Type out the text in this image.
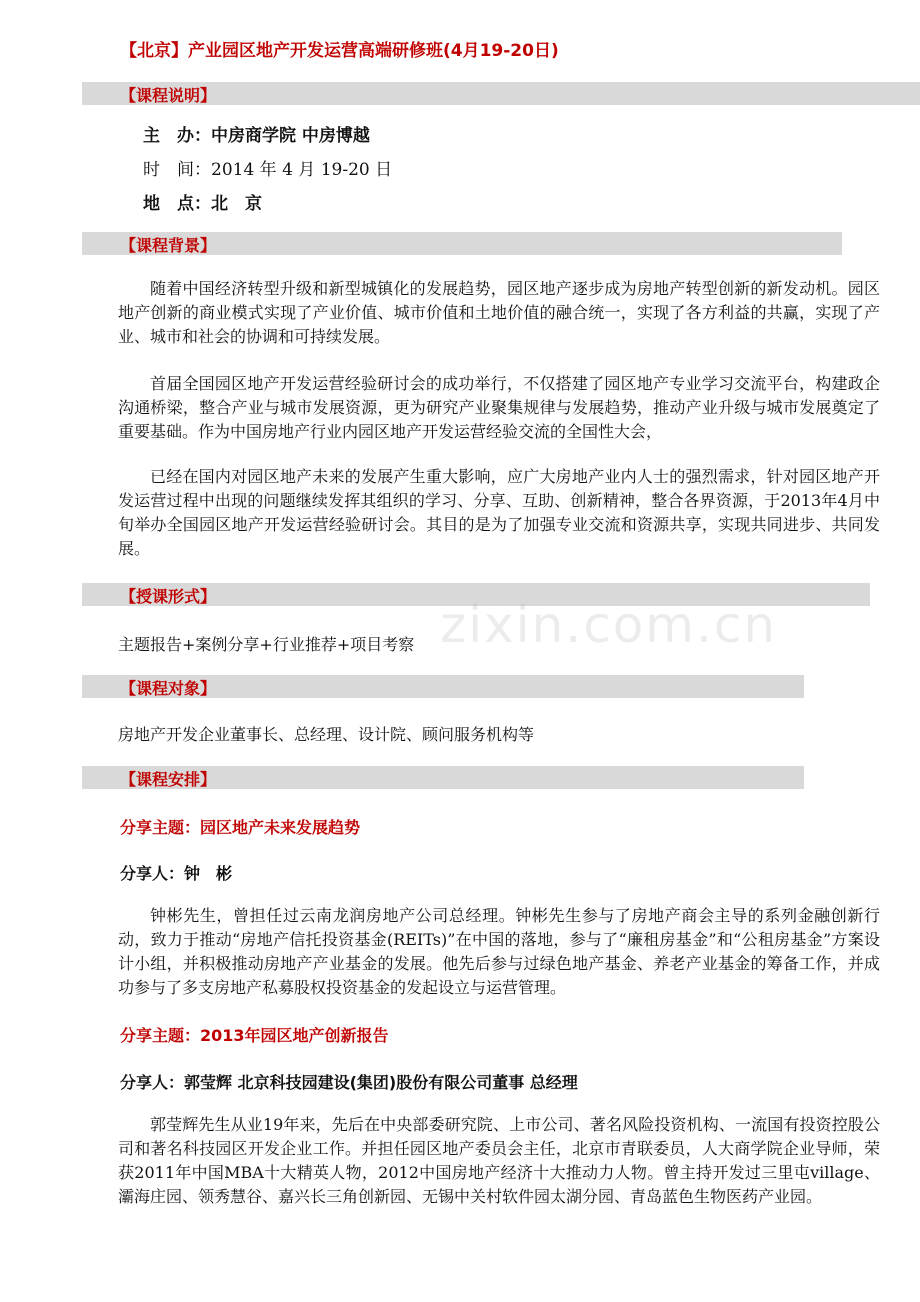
【北京】产业园区地产开发运营高端研修班(4月19-20日)
【课程说明】
主　办：中房商学院 中房博越
时　间：2014 年 4 月 19-20 日
地　点：北　京
【课程背景】

随着中国经济转型升级和新型城镇化的发展趋势，园区地产逐步成为房地产转型创新的新发动机。园区地产创新的商业模式实现了产业价值、城市价值和土地价值的融合统一，实现了各方利益的共赢，实现了产业、城市和社会的协调和可持续发展。

首届全国园区地产开发运营经验研讨会的成功举行，不仅搭建了园区地产专业学习交流平台，构建政企沟通桥梁，整合产业与城市发展资源，更为研究产业聚集规律与发展趋势，推动产业升级与城市发展奠定了重要基础。作为中国房地产行业内园区地产开发运营经验交流的全国性大会，

已经在国内对园区地产未来的发展产生重大影响，应广大房地产业内人士的强烈需求，针对园区地产开发运营过程中出现的问题继续发挥其组织的学习、分享、互助、创新精神，整合各界资源，于2013年4月中旬举办全国园区地产开发运营经验研讨会。其目的是为了加强专业交流和资源共享，实现共同进步、共同发展。

【授课形式】
主题报告+案例分享+行业推荐+项目考察 zixin.com.cn
【课程对象】
房地产开发企业董事长、总经理、设计院、顾问服务机构等
【课程安排】
分享主题：园区地产未来发展趋势
分享人：钟　彬

钟彬先生，曾担任过云南龙润房地产公司总经理。钟彬先生参与了房地产商会主导的系列金融创新行动，致力于推动“房地产信托投资基金(REITs)”在中国的落地，参与了“廉租房基金”和“公租房基金”方案设计小组，并积极推动房地产产业基金的发展。他先后参与过绿色地产基金、养老产业基金的筹备工作，并成功参与了多支房地产私募股权投资基金的发起设立与运营管理。

分享主题：2013年园区地产创新报告
分享人：郭莹辉 北京科技园建设(集团)股份有限公司董事 总经理

郭莹辉先生从业19年来，先后在中央部委研究院、上市公司、著名风险投资机构、一流国有投资控股公司和著名科技园区开发企业工作。并担任园区地产委员会主任，北京市青联委员，人大商学院企业导师，荣获2011年中国MBA十大精英人物，2012中国房地产经济十大推动力人物。曾主持开发过三里屯village、灞海庄园、领秀慧谷、嘉兴长三角创新园、无锡中关村软件园太湖分园、青岛蓝色生物医药产业园。
